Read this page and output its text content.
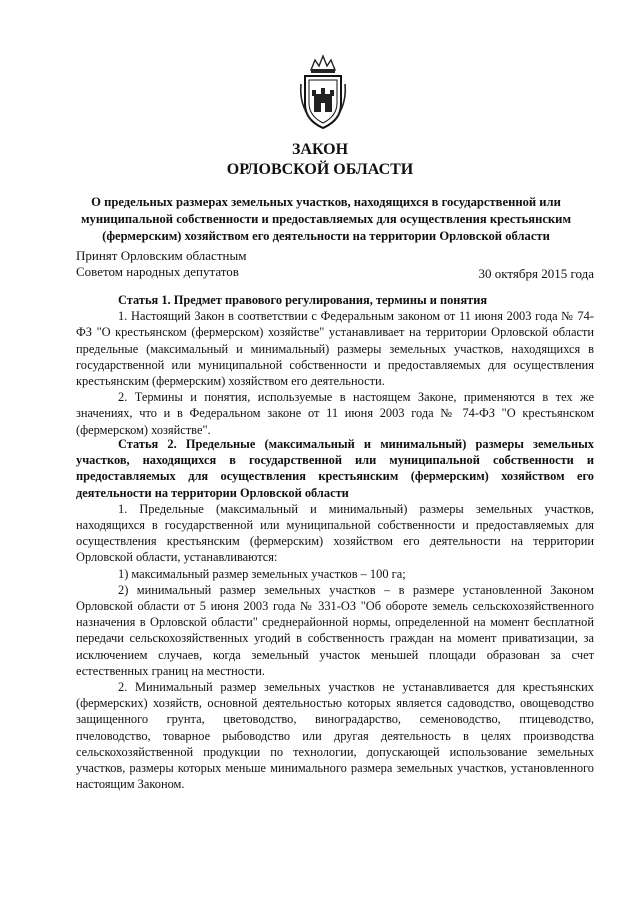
ЗАКОН
ОРЛОВСКОЙ ОБЛАСТИ
О предельных размерах земельных участков, находящихся в государственной или муниципальной собственности и предоставляемых для осуществления крестьянским (фермерским) хозяйством его деятельности на территории Орловской области
Принят Орловским областным
Советом народных депутатов	30 октября 2015 года
Статья 1. Предмет правового регулирования, термины и понятия

1. Настоящий Закон в соответствии с Федеральным законом от 11 июня 2003 года № 74-ФЗ "О крестьянском (фермерском) хозяйстве" устанавливает на территории Орловской области предельные (максимальный и минимальный) размеры земельных участков, находящихся в государственной или муниципальной собственности и предоставляемых для осуществления крестьянским (фермерским) хозяйством его деятельности.

2. Термины и понятия, используемые в настоящем Законе, применяются в тех же значениях, что и в Федеральном законе от 11 июня 2003 года № 74-ФЗ "О крестьянском (фермерском) хозяйстве".

Статья 2. Предельные (максимальный и минимальный) размеры земельных участков, находящихся в государственной или муниципальной собственности и предоставляемых для осуществления крестьянским (фермерским) хозяйством его деятельности на территории Орловской области

1. Предельные (максимальный и минимальный) размеры земельных участков, находящихся в государственной или муниципальной собственности и предоставляемых для осуществления крестьянским (фермерским) хозяйством его деятельности на территории Орловской области, устанавливаются:

1) максимальный размер земельных участков – 100 га;

2) минимальный размер земельных участков – в размере установленной Законом Орловской области от 5 июня 2003 года № 331-ОЗ "Об обороте земель сельскохозяйственного назначения в Орловской области" среднерайонной нормы, определенной на момент бесплатной передачи сельскохозяйственных угодий в собственность граждан на момент приватизации, за исключением случаев, когда земельный участок меньшей площади образован за счет естественных границ на местности.

2. Минимальный размер земельных участков не устанавливается для крестьянских (фермерских) хозяйств, основной деятельностью которых является садоводство, овощеводство защищенного грунта, цветоводство, виноградарство, семеноводство, птицеводство, пчеловодство, товарное рыбоводство или другая деятельность в целях производства сельскохозяйственной продукции по технологии, допускающей использование земельных участков, размеры которых меньше минимального размера земельных участков, установленного настоящим Законом.
